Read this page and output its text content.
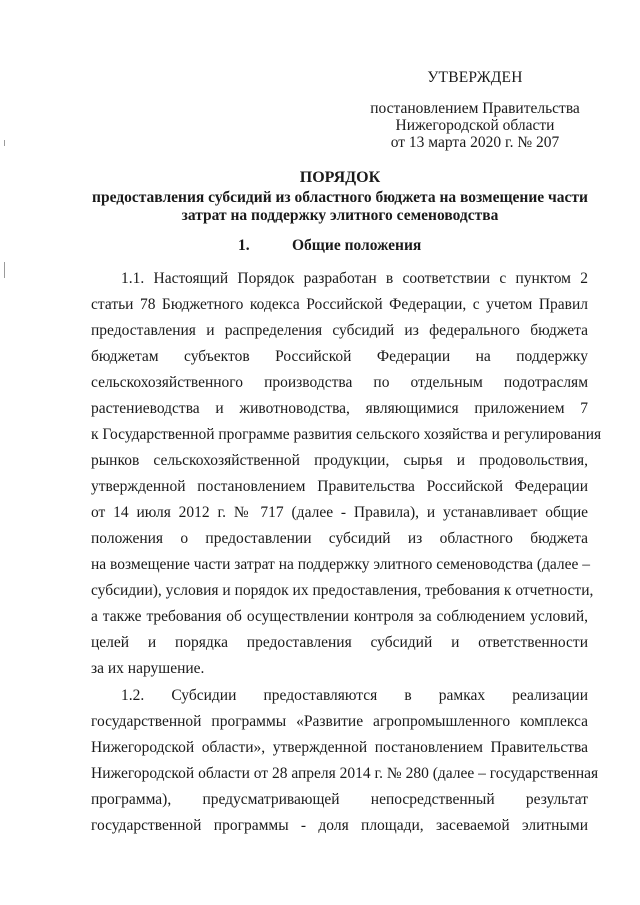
УТВЕРЖДЕН
постановлением Правительства
Нижегородской области
от 13 марта 2020 г. № 207
ПОРЯДОК
предоставления субсидий из областного бюджета на возмещение части
затрат на поддержку элитного семеноводства
1.	Общие положения
1.1. Настоящий Порядок разработан в соответствии с пунктом 2
статьи 78 Бюджетного кодекса Российской Федерации, с учетом Правил
предоставления и распределения субсидий из федерального бюджета
бюджетам субъектов Российской Федерации на поддержку
сельскохозяйственного производства по отдельным подотраслям
растениеводства и животноводства, являющимися приложением 7
к Государственной программе развития сельского хозяйства и регулирования
рынков сельскохозяйственной продукции, сырья и продовольствия,
утвержденной постановлением Правительства Российской Федерации
от 14 июля 2012 г. № 717 (далее - Правила), и устанавливает общие
положения о предоставлении субсидий из областного бюджета
на возмещение части затрат на поддержку элитного семеноводства (далее –
субсидии), условия и порядок их предоставления, требования к отчетности,
а также требования об осуществлении контроля за соблюдением условий,
целей и порядка предоставления субсидий и ответственности
за их нарушение.
1.2. Субсидии предоставляются в рамках реализации
государственной программы «Развитие агропромышленного комплекса
Нижегородской области», утвержденной постановлением Правительства
Нижегородской области от 28 апреля 2014 г. № 280 (далее – государственная
программа), предусматривающей непосредственный результат
государственной программы - доля площади, засеваемой элитными
